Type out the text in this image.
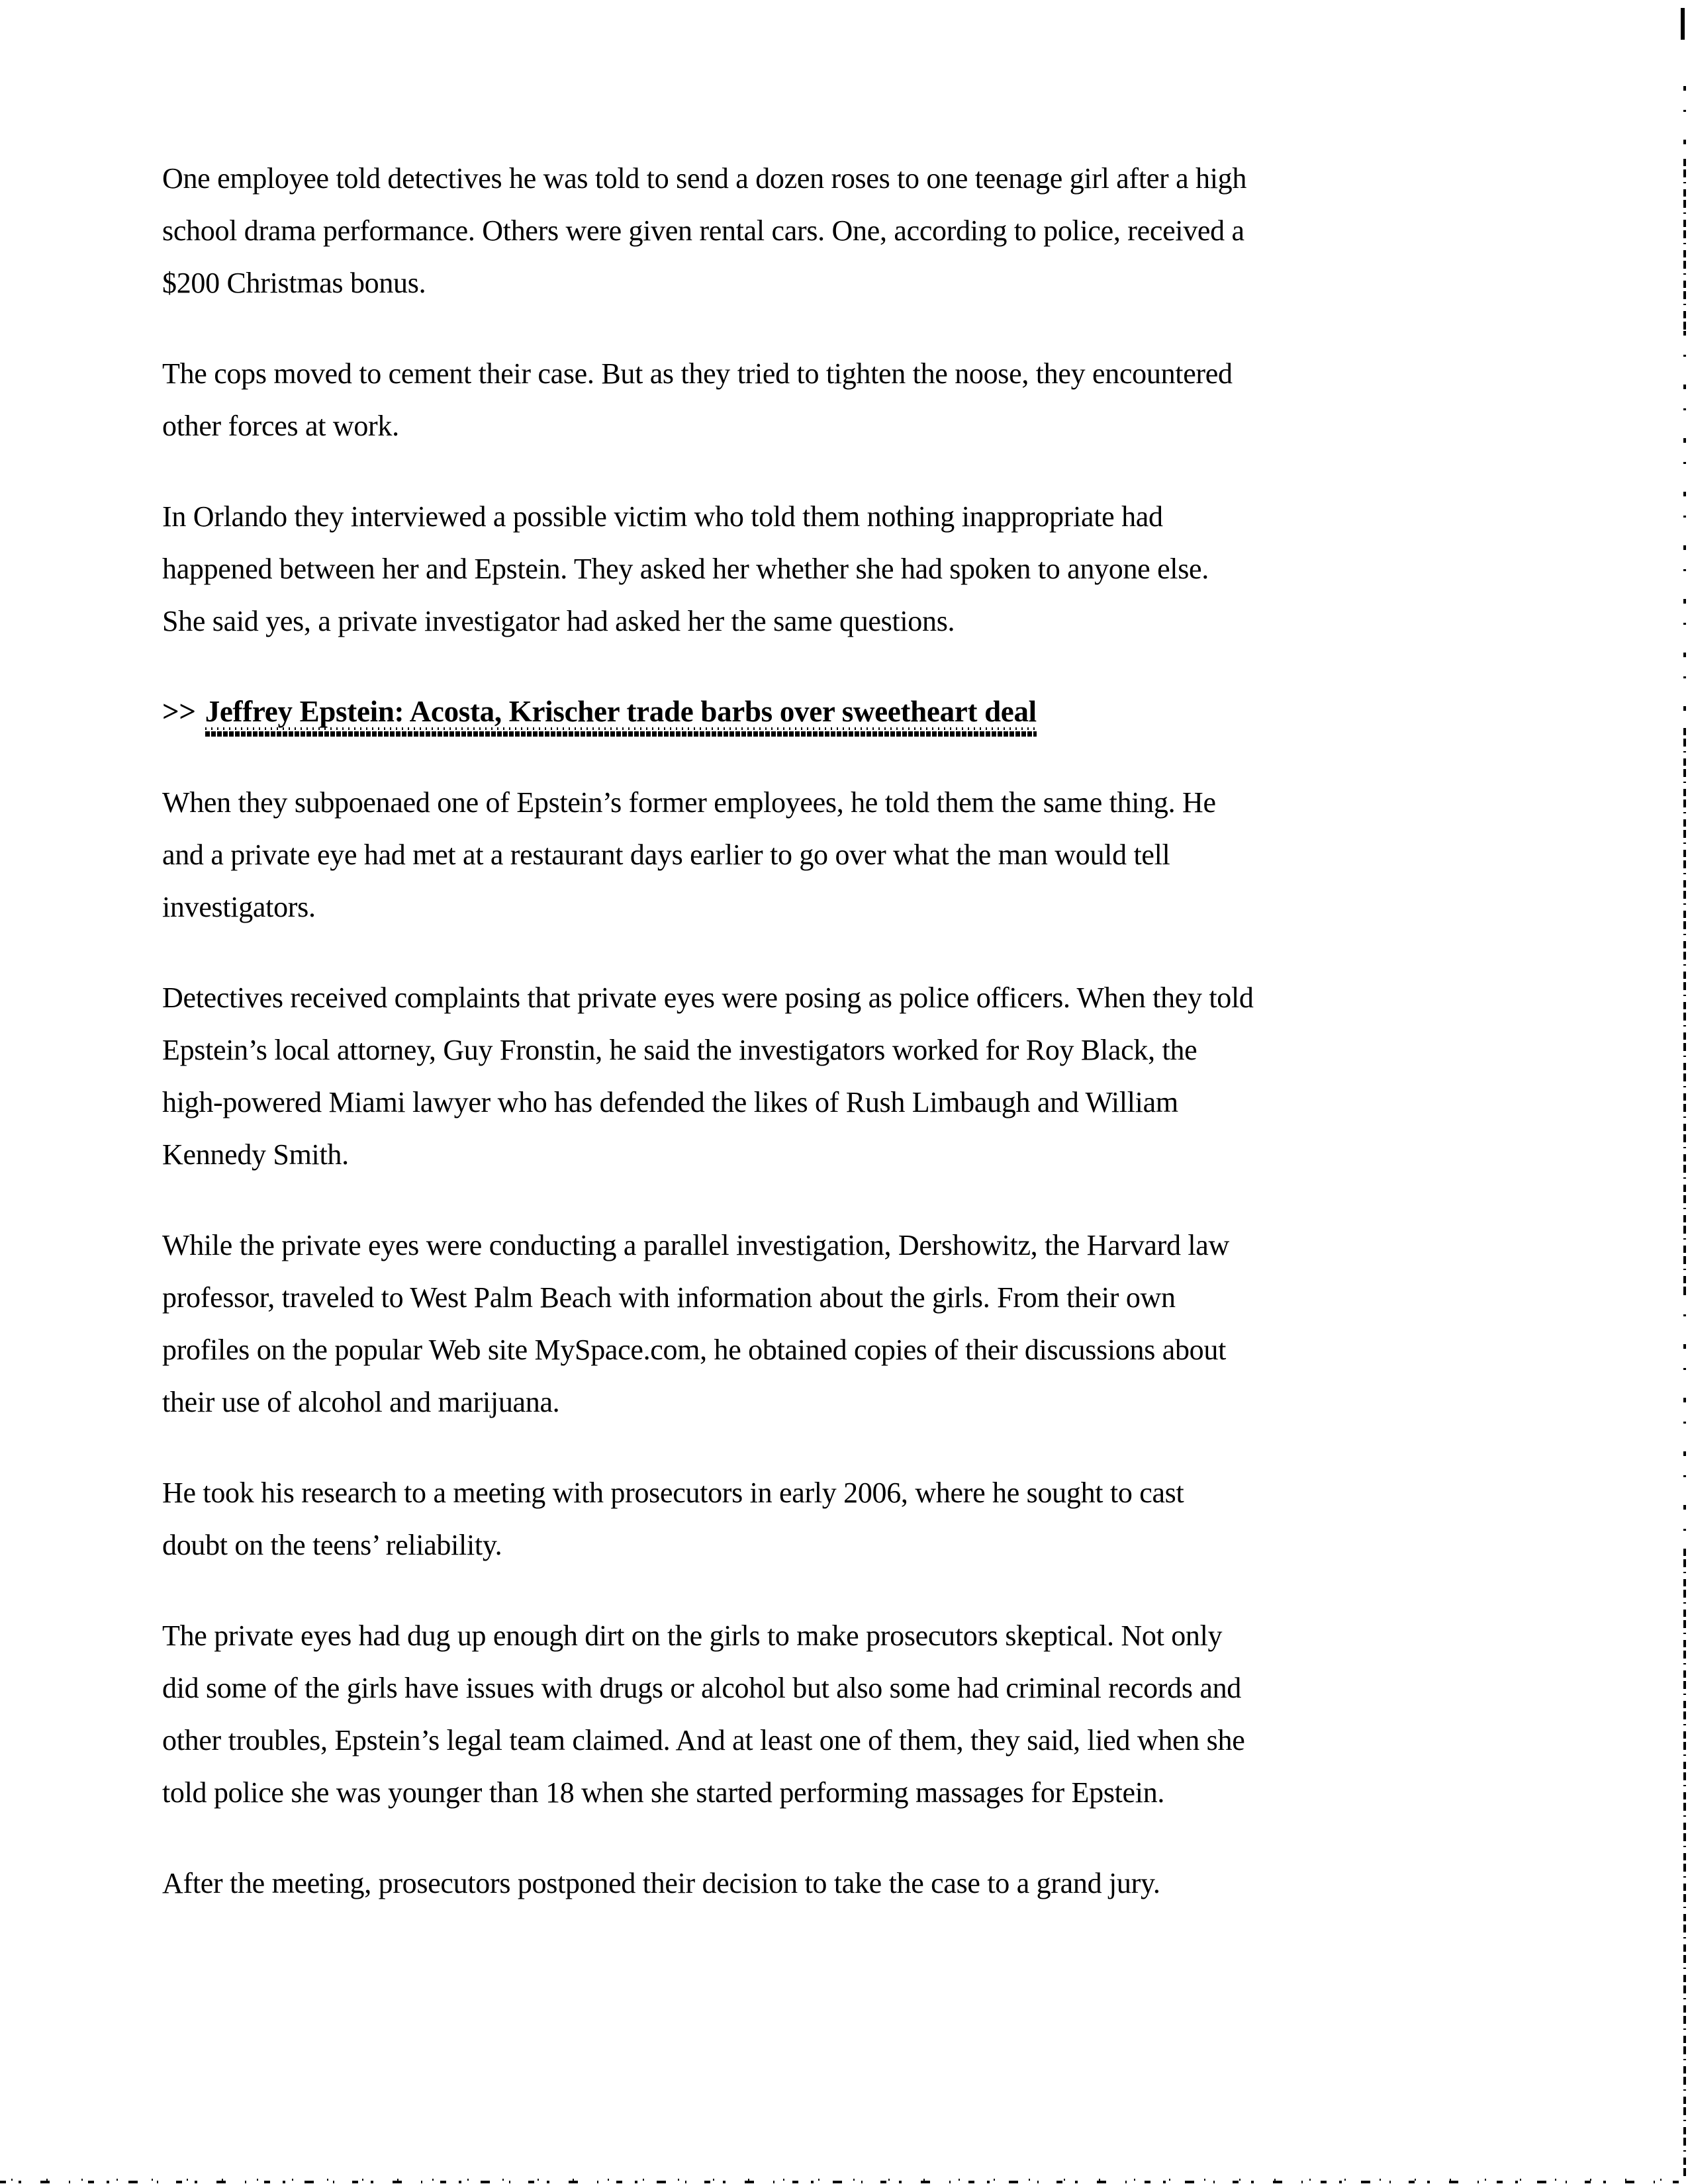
One employee told detectives he was told to send a dozen roses to one teenage girl after a high
school drama performance. Others were given rental cars. One, according to police, received a
$200 Christmas bonus.
The cops moved to cement their case. But as they tried to tighten the noose, they encountered
other forces at work.
In Orlando they interviewed a possible victim who told them nothing inappropriate had
happened between her and Epstein. They asked her whether she had spoken to anyone else.
She said yes, a private investigator had asked her the same questions.
>> Jeffrey Epstein: Acosta, Krischer trade barbs over sweetheart deal
When they subpoenaed one of Epstein’s former employees, he told them the same thing. He
and a private eye had met at a restaurant days earlier to go over what the man would tell
investigators.
Detectives received complaints that private eyes were posing as police officers. When they told
Epstein’s local attorney, Guy Fronstin, he said the investigators worked for Roy Black, the
high-powered Miami lawyer who has defended the likes of Rush Limbaugh and William
Kennedy Smith.
While the private eyes were conducting a parallel investigation, Dershowitz, the Harvard law
professor, traveled to West Palm Beach with information about the girls. From their own
profiles on the popular Web site MySpace.com, he obtained copies of their discussions about
their use of alcohol and marijuana.
He took his research to a meeting with prosecutors in early 2006, where he sought to cast
doubt on the teens’ reliability.
The private eyes had dug up enough dirt on the girls to make prosecutors skeptical. Not only
did some of the girls have issues with drugs or alcohol but also some had criminal records and
other troubles, Epstein’s legal team claimed. And at least one of them, they said, lied when she
told police she was younger than 18 when she started performing massages for Epstein.
After the meeting, prosecutors postponed their decision to take the case to a grand jury.
